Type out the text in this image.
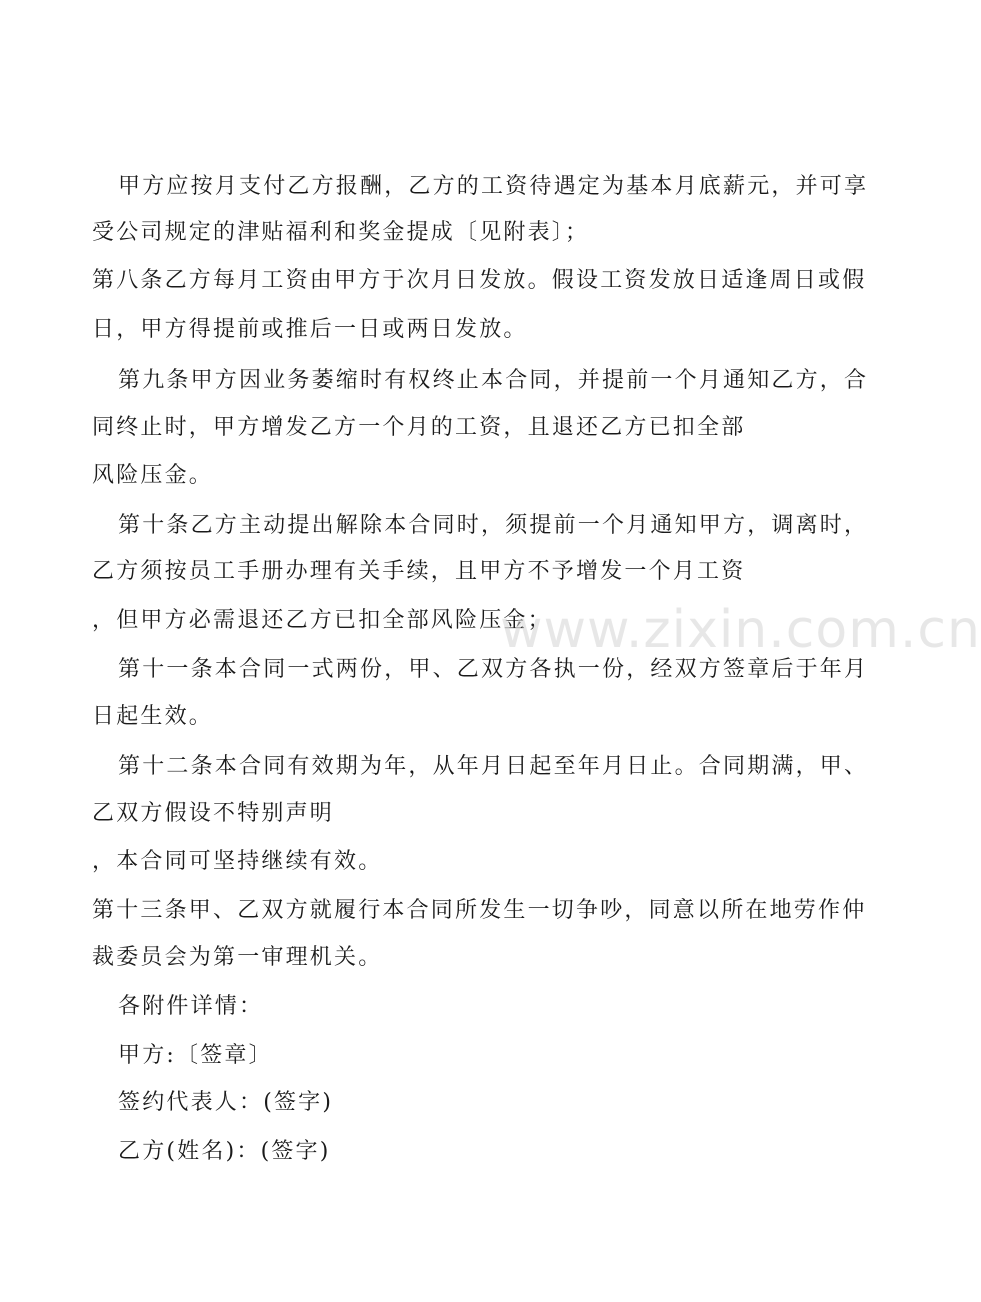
甲方应按月支付乙方报酬，乙方的工资待遇定为基本月底薪元，并可享
受公司规定的津贴福利和奖金提成〔见附表〕；
第八条乙方每月工资由甲方于次月日发放。假设工资发放日适逢周日或假
日，甲方得提前或推后一日或两日发放。
第九条甲方因业务萎缩时有权终止本合同，并提前一个月通知乙方，合
同终止时，甲方增发乙方一个月的工资，且退还乙方已扣全部
风险压金。
第十条乙方主动提出解除本合同时，须提前一个月通知甲方，调离时，
乙方须按员工手册办理有关手续，且甲方不予增发一个月工资
，但甲方必需退还乙方已扣全部风险压金；
第十一条本合同一式两份，甲、乙双方各执一份，经双方签章后于年月
日起生效。
第十二条本合同有效期为年，从年月日起至年月日止。合同期满，甲、
乙双方假设不特别声明
，本合同可坚持继续有效。
第十三条甲、乙双方就履行本合同所发生一切争吵，同意以所在地劳作仲
裁委员会为第一审理机关。
各附件详情：
甲方:〔签章〕
签约代表人：(签字)
乙方(姓名)：(签字)
www.zixin.com.cn
